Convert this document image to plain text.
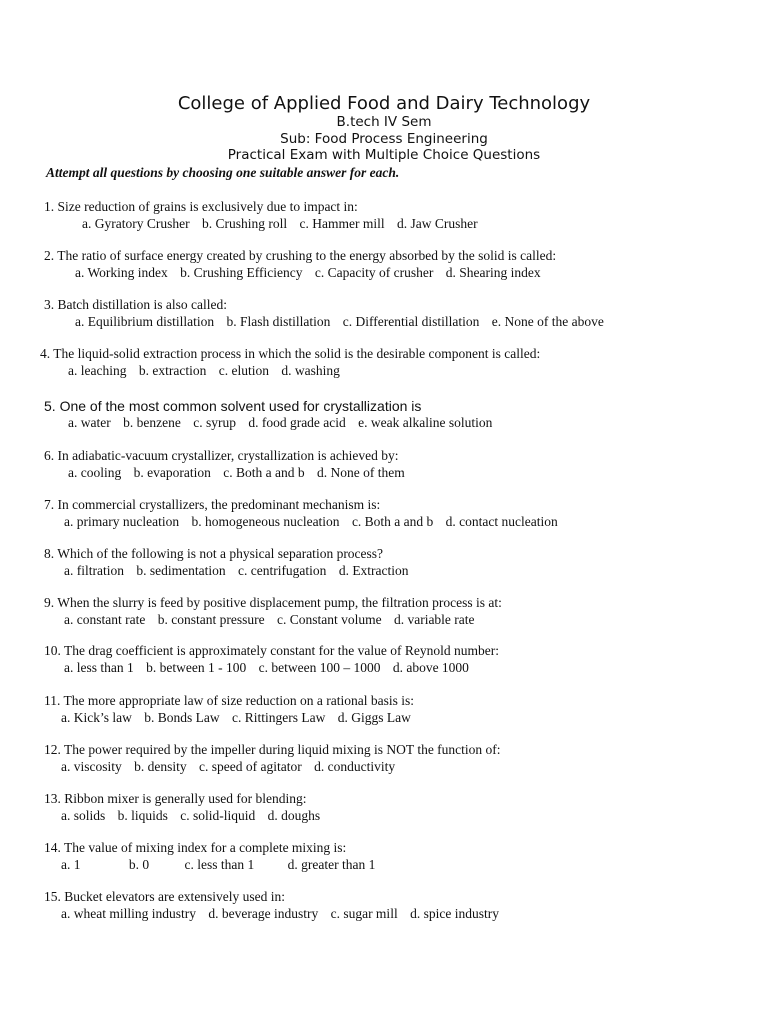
College of Applied Food and Dairy Technology
B.tech IV Sem
Sub: Food Process Engineering
Practical Exam with Multiple Choice Questions
Attempt all questions by choosing one suitable answer for each.
1. Size reduction of grains is exclusively due to impact in:
a. Gyratory Crusher b. Crushing roll c. Hammer mill d. Jaw Crusher
2. The ratio of surface energy created by crushing to the energy absorbed by the solid is called:
a. Working index b. Crushing Efficiency c. Capacity of crusher d. Shearing index
3. Batch distillation is also called:
a. Equilibrium distillation b. Flash distillation c. Differential distillation e. None of the above
4. The liquid-solid extraction process in which the solid is the desirable component is called:
a. leaching b. extraction c. elution d. washing
5. One of the most common solvent used for crystallization is
a. water b. benzene c. syrup d. food grade acid e. weak alkaline solution
6. In adiabatic-vacuum crystallizer, crystallization is achieved by:
a. cooling b. evaporation c. Both a and b d. None of them
7. In commercial crystallizers, the predominant mechanism is:
a. primary nucleation b. homogeneous nucleation c. Both a and b d. contact nucleation
8. Which of the following is not a physical separation process?
a. filtration b. sedimentation c. centrifugation d. Extraction
9. When the slurry is feed by positive displacement pump, the filtration process is at:
a. constant rate b. constant pressure c. Constant volume d. variable rate
10. The drag coefficient is approximately constant for the value of Reynold number:
a. less than 1 b. between 1 - 100 c. between 100 – 1000 d. above 1000
11. The more appropriate law of size reduction on a rational basis is:
a. Kick’s law b. Bonds Law c. Rittingers Law d. Giggs Law
12. The power required by the impeller during liquid mixing is NOT the function of:
a. viscosity b. density c. speed of agitator d. conductivity
13. Ribbon mixer is generally used for blending:
a. solids b. liquids c. solid-liquid d. doughs
14. The value of mixing index for a complete mixing is:
a. 1	b. 0	c. less than 1 d. greater than 1
15. Bucket elevators are extensively used in:
a. wheat milling industry d. beverage industry c. sugar mill d. spice industry
